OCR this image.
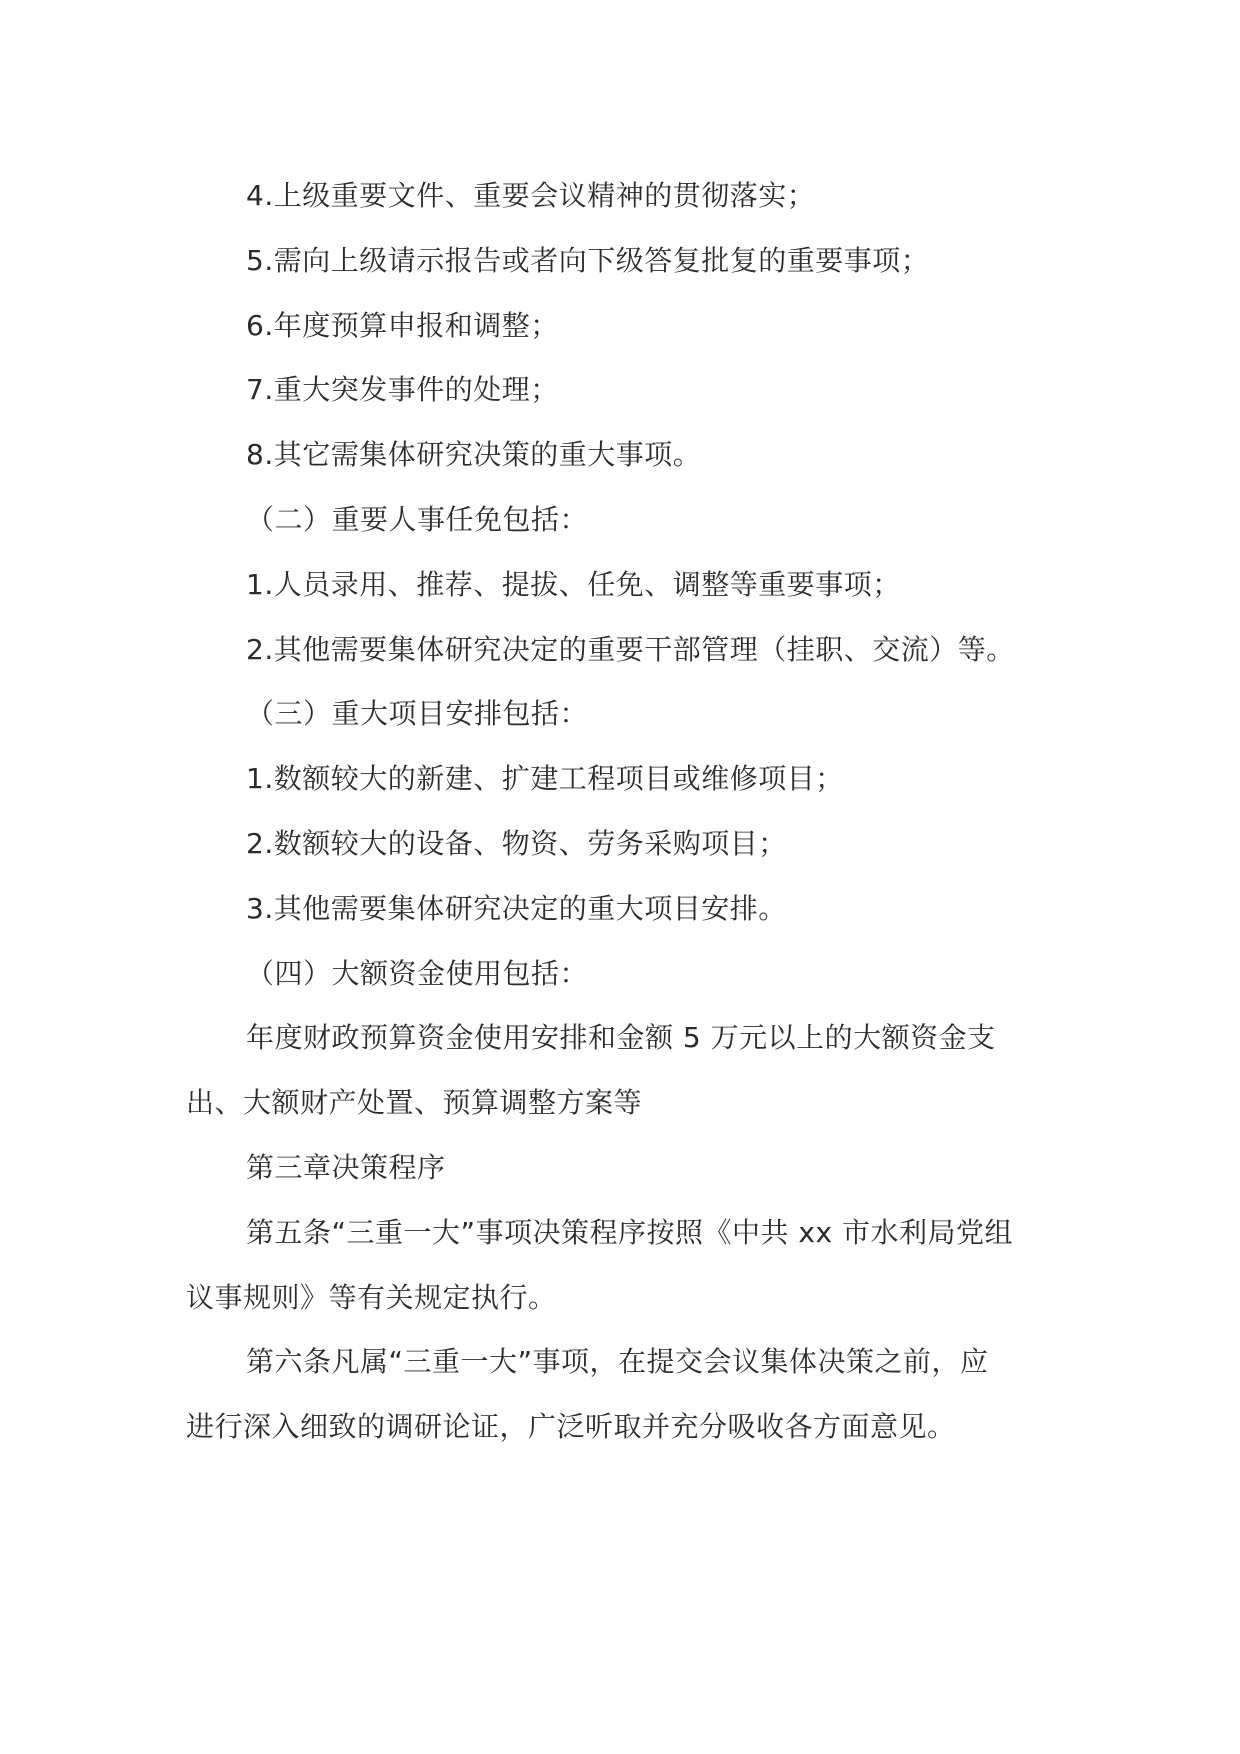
4.上级重要文件、重要会议精神的贯彻落实；
5.需向上级请示报告或者向下级答复批复的重要事项；
6.年度预算申报和调整；
7.重大突发事件的处理；
8.其它需集体研究决策的重大事项。
（二）重要人事任免包括：
1.人员录用、推荐、提拔、任免、调整等重要事项；
2.其他需要集体研究决定的重要干部管理（挂职、交流）等。
（三）重大项目安排包括：
1.数额较大的新建、扩建工程项目或维修项目；
2.数额较大的设备、物资、劳务采购项目；
3.其他需要集体研究决定的重大项目安排。
（四）大额资金使用包括：
年度财政预算资金使用安排和金额 5 万元以上的大额资金支
出、大额财产处置、预算调整方案等
第三章决策程序
第五条“三重一大”事项决策程序按照《中共 xx 市水利局党组
议事规则》等有关规定执行。
第六条凡属“三重一大”事项，在提交会议集体决策之前，应
进行深入细致的调研论证，广泛听取并充分吸收各方面意见。
